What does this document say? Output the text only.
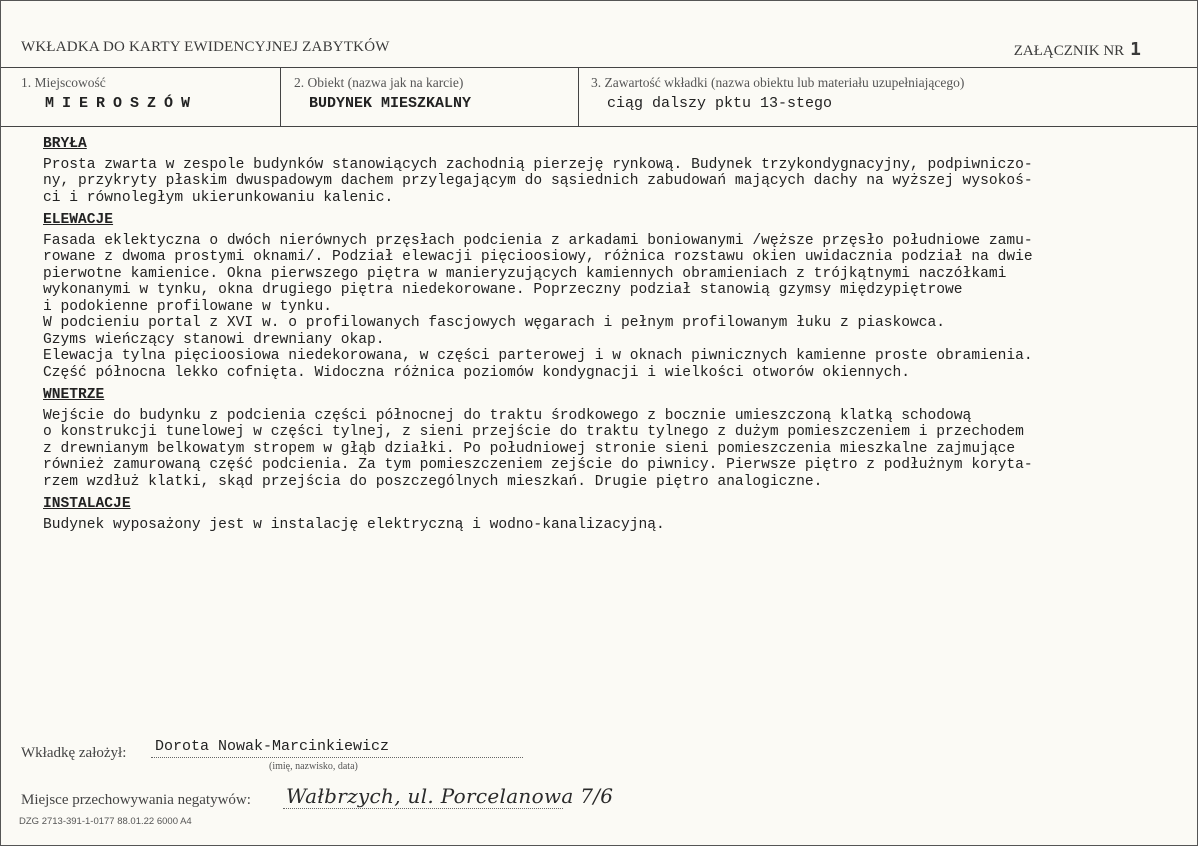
WKŁADKA DO KARTY EWIDENCYJNEJ ZABYTKÓW	ZAŁĄCZNIK NR 1
1. Miejscowość
MIEROSZÓW
2. Obiekt (nazwa jak na karcie)
BUDYNEK MIESZKALNY
3. Zawartość wkładki (nazwa obiektu lub materiału uzupełniającego)
ciąg dalszy pktu 13-stego
BRYŁA
Prosta zwarta w zespole budynków stanowiących zachodnią pierzeję rynkową. Budynek trzykondygnacyjny, podpiwniczo-
ny, przykryty płaskim dwuspadowym dachem przylegającym do sąsiednich zabudowań mających dachy na wyższej wysokoś-
ci i równoległym ukierunkowaniu kalenic.
ELEWACJE
Fasada eklektyczna o dwóch nierównych przęsłach podcienia z arkadami boniowanymi /węższe przęsło południowe zamu-
rowane z dwoma prostymi oknami/. Podział elewacji pięcioosiowy, różnica rozstawu okien uwidacznia podział na dwie
pierwotne kamienice. Okna pierwszego piętra w manieryzujących kamiennych obramieniach z trójkątnymi naczółkami
wykonanymi w tynku, okna drugiego piętra niedekorowane. Poprzeczny podział stanowią gzymsy międzypiętrowe
i podokienne profilowane w tynku.
W podcieniu portal z XVI w. o profilowanych fascjowych węgarach i pełnym profilowanym łuku z piaskowca.
Gzyms wieńczący stanowi drewniany okap.
Elewacja tylna pięcioosiowa niedekorowana, w części parterowej i w oknach piwnicznych kamienne proste obramienia.
Część północna lekko cofnięta. Widoczna różnica poziomów kondygnacji i wielkości otworów okiennych.
WNETRZE
Wejście do budynku z podcienia części północnej do traktu środkowego z bocznie umieszczoną klatką schodową
o konstrukcji tunelowej w części tylnej, z sieni przejście do traktu tylnego z dużym pomieszczeniem i przechodem
z drewnianym belkowatym stropem w głąb działki. Po południowej stronie sieni pomieszczenia mieszkalne zajmujące
również zamurowaną część podcienia. Za tym pomieszczeniem zejście do piwnicy. Pierwsze piętro z podłużnym koryta-
rzem wzdłuż klatki, skąd przejścia do poszczególnych mieszkań. Drugie piętro analogiczne.
INSTALACJE
Budynek wyposażony jest w instalację elektryczną i wodno-kanalizacyjną.
Wkładkę założył: Dorota Nowak-Marcinkiewicz
(imię, nazwisko, data)
Miejsce przechowywania negatywów: Wałbrzych, ul. Porcelanowa 7/6
DZG 2713-391-1-0177 88.01.22 6000 A4
